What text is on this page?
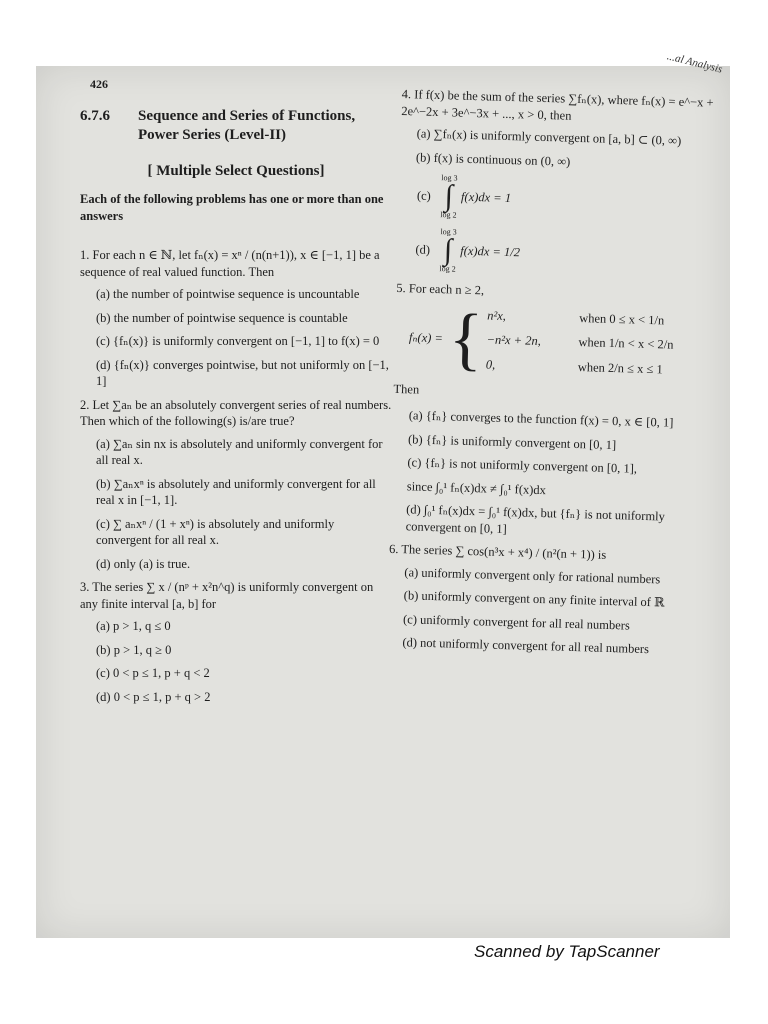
...al Analysis
426
6.7.6	Sequence and Series of Functions, Power Series (Level-II)
[ Multiple Select Questions]
Each of the following problems has one or more than one answers
1. For each n ∈ ℕ, let fₙ(x) = xⁿ / (n(n+1)), x ∈ [−1, 1] be a sequence of real valued function. Then
(a) the number of pointwise sequence is uncountable
(b) the number of pointwise sequence is countable
(c) {fₙ(x)} is uniformly convergent on [−1, 1] to f(x) = 0
(d) {fₙ(x)} converges pointwise, but not uniformly on [−1, 1]
2. Let ∑aₙ be an absolutely convergent series of real numbers. Then which of the following(s) is/are true?
(a) ∑aₙ sin nx is absolutely and uniformly convergent for all real x.
(b) ∑aₙxⁿ is absolutely and uniformly convergent for all real x in [−1, 1].
(c) ∑ aₙxⁿ / (1 + xⁿ) is absolutely and uniformly convergent for all real x.
(d) only (a) is true.
3. The series ∑ x / (nᵖ + x²n^q) is uniformly convergent on any finite interval [a, b] for
(a) p > 1, q ≤ 0
(b) p > 1, q ≥ 0
(c) 0 < p ≤ 1, p + q < 2
(d) 0 < p ≤ 1, p + q > 2
4. If f(x) be the sum of the series ∑fₙ(x), where fₙ(x) = e^−x + 2e^−2x + 3e^−3x + ..., x > 0, then
(a) ∑fₙ(x) is uniformly convergent on [a, b] ⊂ (0, ∞)
(b) f(x) is continuous on (0, ∞)
(c)
log 3
∫
log 2
f(x)dx = 1
(d)
log 3
∫
log 2
f(x)dx = 1/2
5. For each n ≥ 2,
fₙ(x) = { n²x,	when 0 ≤ x < 1/n
−n²x + 2n,	when 1/n < x < 2/n
0,	when 2/n ≤ x ≤ 1
Then
(a) {fₙ} converges to the function f(x) = 0, x ∈ [0, 1]
(b) {fₙ} is uniformly convergent on [0, 1]
(c) {fₙ} is not uniformly convergent on [0, 1],
since ∫₀¹ fₙ(x)dx ≠ ∫₀¹ f(x)dx
(d) ∫₀¹ fₙ(x)dx = ∫₀¹ f(x)dx, but {fₙ} is not uniformly convergent on [0, 1]
6. The series ∑ cos(n³x + x⁴) / (n²(n + 1)) is
(a) uniformly convergent only for rational numbers
(b) uniformly convergent on any finite interval of ℝ
(c) uniformly convergent for all real numbers
(d) not uniformly convergent for all real numbers
Scanned by TapScanner
